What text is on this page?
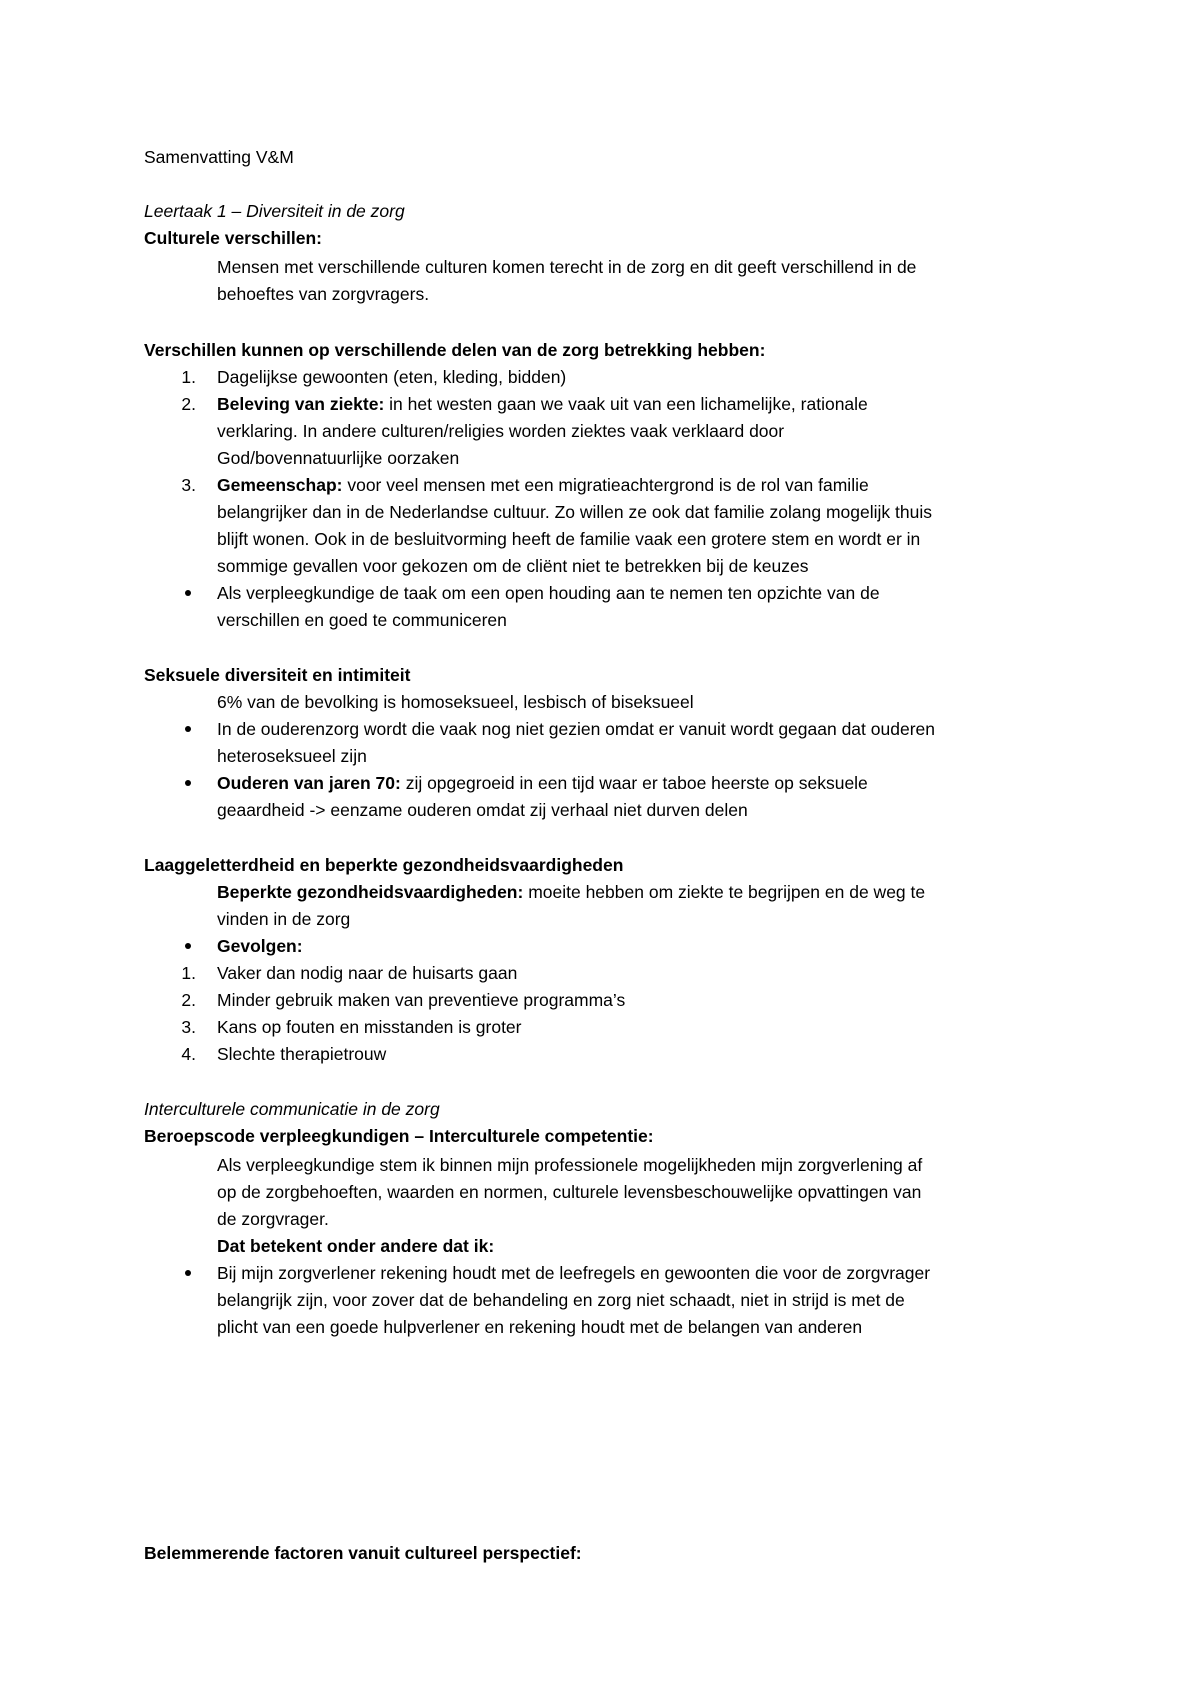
Samenvatting V&M
Leertaak 1 – Diversiteit in de zorg
Culturele verschillen:
Mensen met verschillende culturen komen terecht in de zorg en dit geeft verschillend in de
behoeftes van zorgvragers.
Verschillen kunnen op verschillende delen van de zorg betrekking hebben:
1. Dagelijkse gewoonten (eten, kleding, bidden)
2. Beleving van ziekte: in het westen gaan we vaak uit van een lichamelijke, rationale
verklaring. In andere culturen/religies worden ziektes vaak verklaard door
God/bovennatuurlijke oorzaken
3. Gemeenschap: voor veel mensen met een migratieachtergrond is de rol van familie
belangrijker dan in de Nederlandse cultuur. Zo willen ze ook dat familie zolang mogelijk thuis
blijft wonen. Ook in de besluitvorming heeft de familie vaak een grotere stem en wordt er in
sommige gevallen voor gekozen om de cliënt niet te betrekken bij de keuzes
Als verpleegkundige de taak om een open houding aan te nemen ten opzichte van de
verschillen en goed te communiceren
Seksuele diversiteit en intimiteit
6% van de bevolking is homoseksueel, lesbisch of biseksueel
In de ouderenzorg wordt die vaak nog niet gezien omdat er vanuit wordt gegaan dat ouderen
heteroseksueel zijn
Ouderen van jaren 70: zij opgegroeid in een tijd waar er taboe heerste op seksuele
geaardheid -> eenzame ouderen omdat zij verhaal niet durven delen
Laaggeletterdheid en beperkte gezondheidsvaardigheden
Beperkte gezondheidsvaardigheden: moeite hebben om ziekte te begrijpen en de weg te
vinden in de zorg
Gevolgen:
1. Vaker dan nodig naar de huisarts gaan
2. Minder gebruik maken van preventieve programma’s
3. Kans op fouten en misstanden is groter
4. Slechte therapietrouw
Interculturele communicatie in de zorg
Beroepscode verpleegkundigen – Interculturele competentie:
Als verpleegkundige stem ik binnen mijn professionele mogelijkheden mijn zorgverlening af
op de zorgbehoeften, waarden en normen, culturele levensbeschouwelijke opvattingen van
de zorgvrager.
Dat betekent onder andere dat ik:
Bij mijn zorgverlener rekening houdt met de leefregels en gewoonten die voor de zorgvrager
belangrijk zijn, voor zover dat de behandeling en zorg niet schaadt, niet in strijd is met de
plicht van een goede hulpverlener en rekening houdt met de belangen van anderen
Belemmerende factoren vanuit cultureel perspectief:
